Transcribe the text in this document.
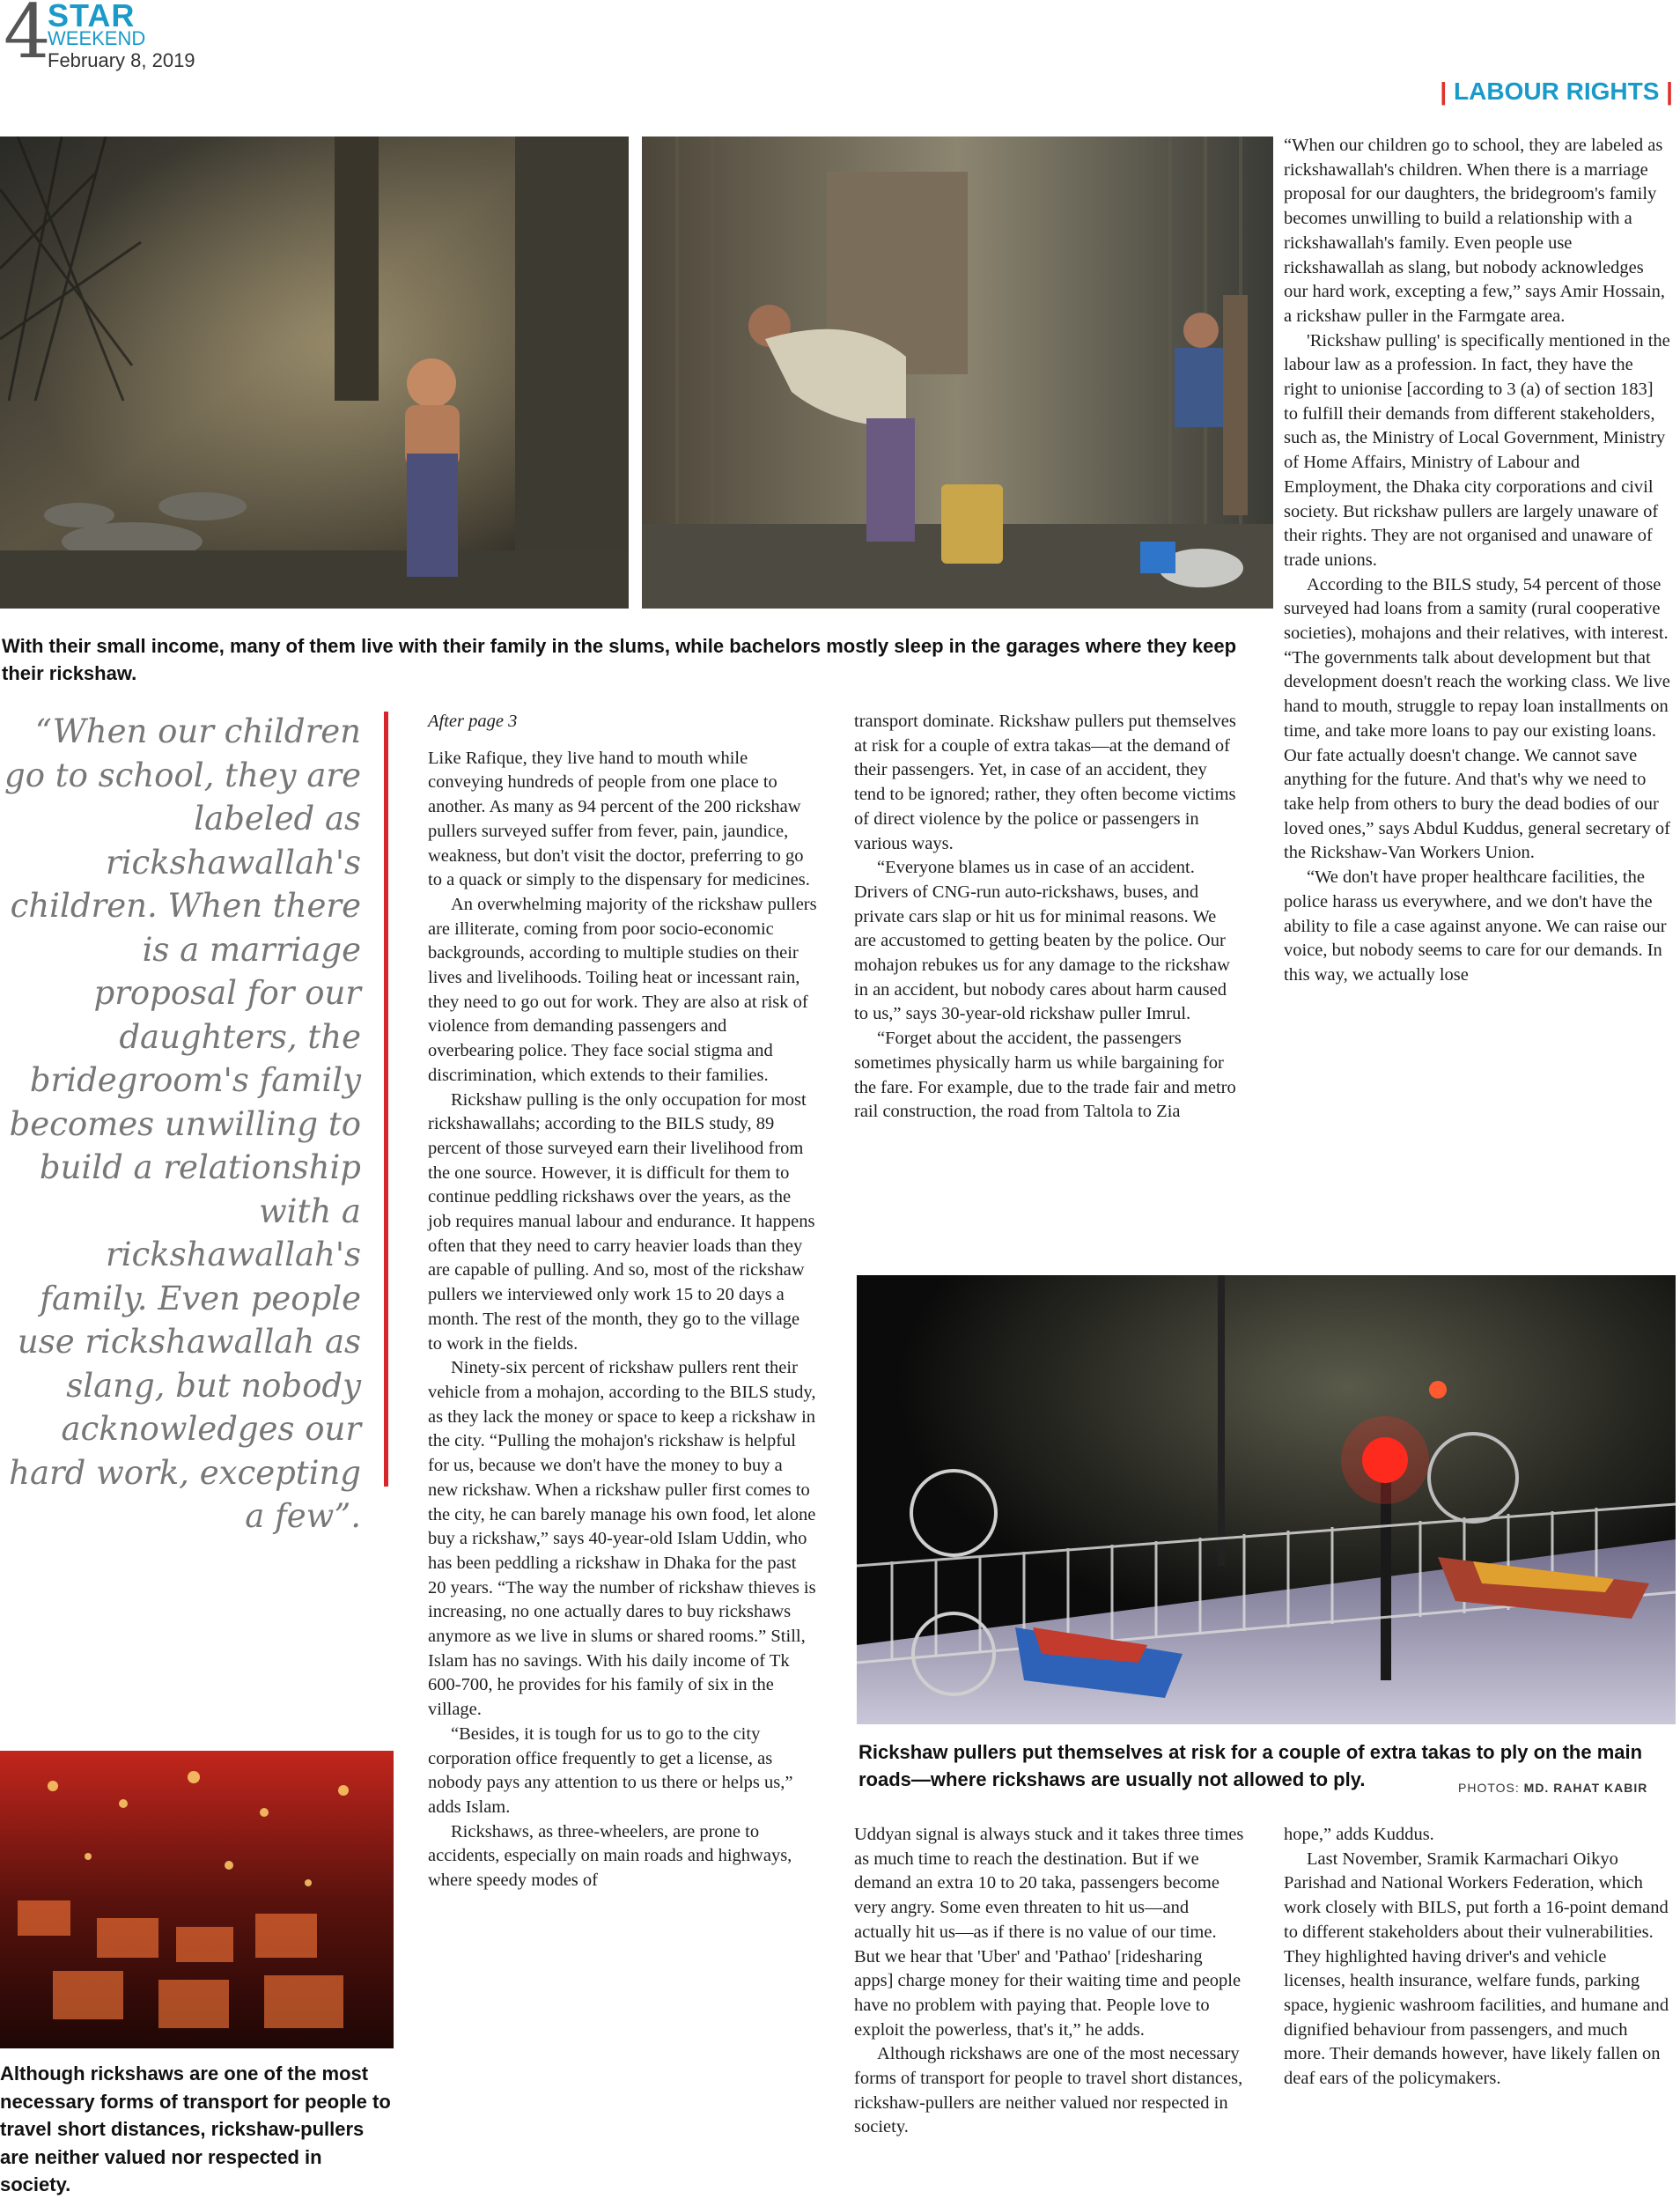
4
STAR
WEEKEND
February 8, 2019
| LABOUR RIGHTS |
With their small income, many of them live with their family in the slums, while bachelors mostly sleep in the garages where they keep their rickshaw.
“When our children go to school, they are labeled as rickshawallah's children. When there is a marriage proposal for our daughters, the bridegroom's family becomes unwilling to build a relationship with a rickshawallah's family. Even people use rickshawallah as slang, but nobody acknowledges our hard work, excepting a few”.

After page 3

Like Rafique, they live hand to mouth while conveying hundreds of people from one place to another. As many as 94 percent of the 200 rickshaw pullers surveyed suffer from fever, pain, jaundice, weakness, but don't visit the doctor, preferring to go to a quack or simply to the dispensary for medicines.

An overwhelming majority of the rickshaw pullers are illiterate, coming from poor socio-economic backgrounds, according to multiple studies on their lives and livelihoods. Toiling heat or incessant rain, they need to go out for work. They are also at risk of violence from demanding passengers and overbearing police. They face social stigma and discrimination, which extends to their families.

Rickshaw pulling is the only occupation for most rickshawallahs; according to the BILS study, 89 percent of those surveyed earn their livelihood from the one source. However, it is difficult for them to continue peddling rickshaws over the years, as the job requires manual labour and endurance. It happens often that they need to carry heavier loads than they are capable of pulling. And so, most of the rickshaw pullers we interviewed only work 15 to 20 days a month. The rest of the month, they go to the village to work in the fields.

Ninety-six percent of rickshaw pullers rent their vehicle from a mohajon, according to the BILS study, as they lack the money or space to keep a rickshaw in the city. “Pulling the mohajon's rickshaw is helpful for us, because we don't have the money to buy a new rickshaw. When a rickshaw puller first comes to the city, he can barely manage his own food, let alone buy a rickshaw,” says 40-year-old Islam Uddin, who has been peddling a rickshaw in Dhaka for the past 20 years. “The way the number of rickshaw thieves is increasing, no one actually dares to buy rickshaws anymore as we live in slums or shared rooms.” Still, Islam has no savings. With his daily income of Tk 600-700, he provides for his family of six in the village.

“Besides, it is tough for us to go to the city corporation office frequently to get a license, as nobody pays any attention to us there or helps us,” adds Islam.

Rickshaws, as three-wheelers, are prone to accidents, especially on main roads and highways, where speedy modes of

transport dominate. Rickshaw pullers put themselves at risk for a couple of extra takas—at the demand of their passengers. Yet, in case of an accident, they tend to be ignored; rather, they often become victims of direct violence by the police or passengers in various ways.

“Everyone blames us in case of an accident. Drivers of CNG-run auto-rickshaws, buses, and private cars slap or hit us for minimal reasons. We are accustomed to getting beaten by the police. Our mohajon rebukes us for any damage to the rickshaw in an accident, but nobody cares about harm caused to us,” says 30-year-old rickshaw puller Imrul.

“Forget about the accident, the passengers sometimes physically harm us while bargaining for the fare. For example, due to the trade fair and metro rail construction, the road from Taltola to Zia

“When our children go to school, they are labeled as rickshawallah's children. When there is a marriage proposal for our daughters, the bridegroom's family becomes unwilling to build a relationship with a rickshawallah's family. Even people use rickshawallah as slang, but nobody acknowledges our hard work, excepting a few,” says Amir Hossain, a rickshaw puller in the Farmgate area.

'Rickshaw pulling' is specifically mentioned in the labour law as a profession. In fact, they have the right to unionise [according to 3 (a) of section 183] to fulfill their demands from different stakeholders, such as, the Ministry of Local Government, Ministry of Home Affairs, Ministry of Labour and Employment, the Dhaka city corporations and civil society. But rickshaw pullers are largely unaware of their rights. They are not organised and unaware of trade unions.

According to the BILS study, 54 percent of those surveyed had loans from a samity (rural cooperative societies), mohajons and their relatives, with interest. “The governments talk about development but that development doesn't reach the working class. We live hand to mouth, struggle to repay loan installments on time, and take more loans to pay our existing loans. Our fate actually doesn't change. We cannot save anything for the future. And that's why we need to take help from others to bury the dead bodies of our loved ones,” says Abdul Kuddus, general secretary of the Rickshaw-Van Workers Union.

“We don't have proper healthcare facilities, the police harass us everywhere, and we don't have the ability to file a case against anyone. We can raise our voice, but nobody seems to care for our demands. In this way, we actually lose

Rickshaw pullers put themselves at risk for a couple of extra takas to ply on the main roads—where rickshaws are usually not allowed to ply.	PHOTOS: MD. RAHAT KABIR

Uddyan signal is always stuck and it takes three times as much time to reach the destination. But if we demand an extra 10 to 20 taka, passengers become very angry. Some even threaten to hit us—and actually hit us—as if there is no value of our time. But we hear that 'Uber' and 'Pathao' [ridesharing apps] charge money for their waiting time and people have no problem with paying that. People love to exploit the powerless, that's it,” he adds.

Although rickshaws are one of the most necessary forms of transport for people to travel short distances, rickshaw-pullers are neither valued nor respected in society.

hope,” adds Kuddus.

Last November, Sramik Karmachari Oikyo Parishad and National Workers Federation, which work closely with BILS, put forth a 16-point demand to different stakeholders about their vulnerabilities. They highlighted having driver's and vehicle licenses, health insurance, welfare funds, parking space, hygienic washroom facilities, and humane and dignified behaviour from passengers, and much more. Their demands however, have likely fallen on deaf ears of the policymakers.

Although rickshaws are one of the most necessary forms of transport for people to travel short distances, rickshaw-pullers are neither valued nor respected in society.
